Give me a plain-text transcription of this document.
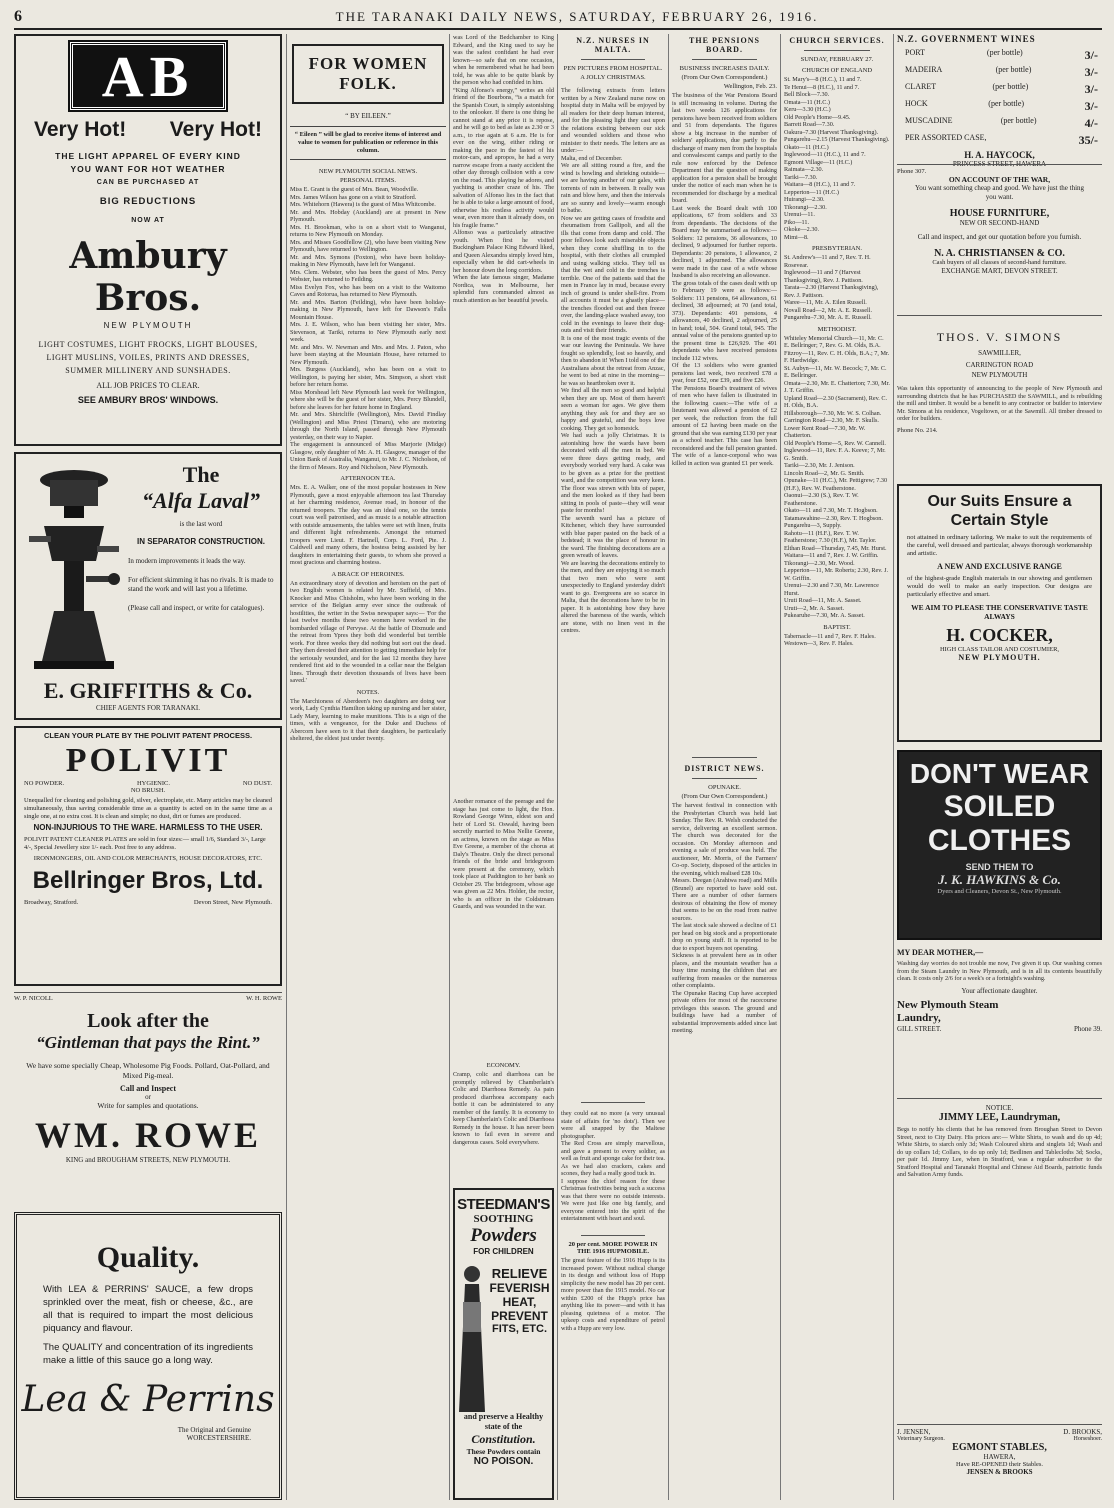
6	THE TARANAKI DAILY NEWS, SATURDAY, FEBRUARY 26, 1916.
AB
Very Hot! Very Hot!
THE LIGHT APPAREL OF EVERY KIND
YOU WANT FOR HOT WEATHER
CAN BE PURCHASED AT
BIG REDUCTIONS
NOW AT
Ambury Bros.
NEW PLYMOUTH
LIGHT COSTUMES, LIGHT FROCKS, LIGHT BLOUSES, LIGHT MUSLINS, VOILES, PRINTS AND DRESSES, SUMMER MILLINERY AND SUNSHADES.
ALL JOB PRICES TO CLEAR.
SEE AMBURY BROS' WINDOWS.
The
“Alfa Laval”
is the last word
IN SEPARATOR CONSTRUCTION.
In modern improvements it leads the way.
For efficient skimming it has no rivals. It is made to stand the work and will last you a lifetime.
(Please call and inspect, or write for catalogues).
E. GRIFFITHS & Co.
CHIEF AGENTS FOR TARANAKI.
CLEAN YOUR PLATE BY THE POLIVIT PATENT PROCESS.
POLIVIT
NO POWDER.	HYGIENIC.	NO DUST.
NO BRUSH.
Unequalled for cleaning and polishing gold, silver, electroplate, etc. Many articles may be cleaned simultaneously, thus saving considerable time as a quantity is acted on in the same time as a single one, at no extra cost. It is clean and simple; no dust, dirt or fumes are produced.
NON-INJURIOUS TO THE WARE. HARMLESS TO THE USER.
POLIVIT PATENT CLEANER PLATES are sold in four sizes:— small 1/6, Standard 3/-, Large 4/-, Special Jewellery size 1/- each. Post free to any address.
IRONMONGERS, OIL AND COLOR MERCHANTS, HOUSE DECORATORS, ETC.
Bellringer Bros, Ltd.
Broadway, Stratford.	Devon Street, New Plymouth.
W. P. NICOLL	W. H. ROWE
Look after the
“Gintleman that pays the Rint.”
We have some specially Cheap, Wholesome Pig Foods. Pollard, Oat-Pollard, and Mixed Pig-meal.
Call and Inspect
or
Write for samples and quotations.
WM. ROWE
KING and BROUGHAM STREETS, NEW PLYMOUTH.
Quality.
With LEA & PERRINS' SAUCE, a few drops sprinkled over the meat, fish or cheese, &c., are all that is required to impart the most delicious piquancy and flavour.
The QUALITY and concentration of its ingredients make a little of this sauce go a long way.
Lea & Perrins
The Original and Genuine WORCESTERSHIRE.
FOR WOMEN FOLK.
“ BY EILEEN.”
“ Eileen ” will be glad to receive items of interest and value to women for publication or reference in this column.
NEW PLYMOUTH SOCIAL NEWS.
PERSONAL ITEMS.

Miss E. Grant is the guest of Mrs. Bean, Woodville.
Mrs. James Wilson has gone on a visit to Stratford.
Mrs. Whitehorn (Hawera) is the guest of Miss Whitcombe.
Mr. and Mrs. Hobday (Auckland) are at present in New Plymouth.
Mrs. H. Brookman, who is on a short visit to Wanganui, returns to New Plymouth on Monday.
Mrs. and Misses Goodfellow (2), who have been visiting New Plymouth, have returned to Wellington.
Mr. and Mrs. Symons (Foxton), who have been holiday-making in New Plymouth, have left for Wanganui.
Mrs. Clem. Webster, who has been the guest of Mrs. Percy Webster, has returned to Feilding.
Miss Evelyn Fox, who has been on a visit to the Waitomo Caves and Rotorua, has returned to New Plymouth.
Mr. and Mrs. Barton (Feilding), who have been holiday-making in New Plymouth, have left for Dawson's Falls Mountain House.
Mrs. J. E. Wilson, who has been visiting her sister, Mrs. Stevenson, at Tariki, returns to New Plymouth early next week.
Mr. and Mrs. W. Newman and Mrs. and Mrs. J. Paton, who have been staying at the Mountain House, have returned to New Plymouth.
Mrs. Burgess (Auckland), who has been on a visit to Wellington, is paying her sister, Mrs. Simpson, a short visit before her return home.
Miss Morshead left New Plymouth last week for Wellington, where she will be the guest of her sister, Mrs. Percy Blundell, before she leaves for her future home in England.
Mr. and Mrs. Shirtcliffe (Wellington), Mrs. David Findlay (Wellington) and Miss Priest (Timaru), who are motoring through the North Island, passed through New Plymouth yesterday, on their way to Napier.
The engagement is announced of Miss Marjorie (Midge) Glasgow, only daughter of Mr. A. H. Glasgow, manager of the Union Bank of Australia, Wanganui, to Mr. J. C. Nicholson, of the firm of Messrs. Roy and Nicholson, New Plymouth.

AFTERNOON TEA.

Mrs. E. A. Walker, one of the most popular hostesses in New Plymouth, gave a most enjoyable afternoon tea last Thursday at her charming residence, Avenue road, in honour of the returned troopers. The day was an ideal one, so the tennis court was well patronised, and as music is a notable attraction with outside amusements, the tables were set with linen, fruits and different light refreshments. Amongst the returned troopers were Lieut. F. Hartnell, Corp. L. Ford, Pte. J. Caldwell and many others, the hostess being assisted by her daughters in entertaining their guests, to whom she proved a most gracious and charming hostess.

A BRACE OF HEROINES.

An extraordinary story of devotion and heroism on the part of two English women is related by Mr. Suffield, of Mrs. Knocker and Miss Chisholm, who have been working in the service of the Belgian army ever since the outbreak of hostilities, the writer in the Swiss newspaper says:— 'For the last twelve months these two women have worked in the bombarded village of Pervyse. At the battle of Dixmude and the retreat from Ypres they both did wonderful but terrible work. For three weeks they did nothing but sort out the dead. They then devoted their attention to getting immediate help for the seriously wounded, and for the last 12 months they have rendered first aid to the wounded in a cellar near the Belgian lines. Through their devotion thousands of lives have been saved.'

NOTES.

The Marchioness of Aberdeen's two daughters are doing war work, Lady Cynthia Hamilton taking up nursing and her sister, Lady Mary, learning to make munitions. This is a sign of the times, with a vengeance, for the Duke and Duchess of Abercorn have seen to it that their daughters, be particularly sheltered, the eldest just under twenty.

was Lord of the Bedchamber to King Edward, and the King used to say he was the safest confidant he had ever known—so safe that on one occasion, when he remembered what he had been told, he was able to be quite blank by the person who had confided in him.
“King Alfonso's energy,” writes an old friend of the Bourbons, “is a match for the Spanish Court, is simply astonishing to the onlooker. If there is one thing he cannot stand at any price it is repose, and he will go to bed as late as 2.30 or 3 a.m., to rise again at 6 a.m. He is for ever on the wing, either riding or making the pace in the fastest of his motor-cars, and apropos, he had a very narrow escape from a nasty accident the other day through collision with a cow on the road. This playing he adores, and yachting is another craze of his. The salvation of Alfonso lies in the fact that he is able to take a large amount of food, otherwise his restless activity would wear, even more than it already does, on his fragile frame.”
Alfonso was a particularly attractive youth. When first he visited Buckingham Palace King Edward liked, and Queen Alexandra simply loved him, especially when he did cart-wheels in her honour down the long corridors.
When the late famous singer, Madame Nordica, was in Melbourne, her splendid furs commanded almost as much attention as her beautiful jewels.

Another romance of the peerage and the stage has just come to light, the Hon. Rowland George Winn, eldest son and heir of Lord St. Oswald, having been secretly married to Miss Nellie Greene, an actress, known on the stage as Miss Eve Greene, a member of the chorus at Daly's Theatre. Only the direct personal friends of the bride and bridegroom were present at the ceremony, which took place at Paddington to her bank so October 29. The bridegroom, whose age was given as 22 Mrs. Holder, the rector, who is an officer in the Coldstream Guards, and was wounded in the war.

ECONOMY.

Cramp, colic and diarrhoea can be promptly relieved by Chamberlain's Colic and Diarrhoea Remedy. As pain produced diarrhoea accompany each bottle it can be administered to any member of the family. It is economy to keep Chamberlain's Colic and Diarrhoea Remedy in the house. It has never been known to fail even in severe and dangerous cases. Sold everywhere.

STEEDMAN'S
SOOTHING
Powders
FOR CHILDREN
RELIEVE
FEVERISH
HEAT,
PREVENT
FITS, ETC.
and preserve a Healthy state of the
Constitution.
These Powders contain
NO POISON.
N.Z. NURSES IN MALTA.
PEN PICTURES FROM HOSPITAL.
A JOLLY CHRISTMAS.

The following extracts from letters written by a New Zealand nurse now on hospital duty in Malta will be enjoyed by all readers for their deep human interest, and for the pleasing light they cast upon the relations existing between our sick and wounded soldiers and those who minister to their needs. The letters are as under:—
Malta, end of December.
We are all sitting round a fire, and the wind is howling and shrieking outside—we are having another of our gales, with torrents of rain in between. It really was rain and blow here, and then the intervals are so sunny and lovely—warm enough to bathe.
Now we are getting cases of frostbite and rheumatism from Gallipoli, and all the ills that come from damp and cold. The poor fellows look such miserable objects when they come shuffling in to the hospital, with their clothes all crumpled and using walking sticks. They tell us that the wet and cold in the trenches is terrible. One of the patients said that the men in France lay in mud, because every inch of ground is under shell-fire. From all accounts it must be a ghastly place—the trenches flooded out and then freeze over, the landing-place washed away, too cold in the evenings to leave their dug-outs and visit their friends.
It is one of the most tragic events of the war our leaving the Peninsula. We have fought so splendidly, lost so heavily, and then to abandon it! When I told one of the Australians about the retreat from Anzac, he went to bed at nine in the morning—he was so heartbroken over it.
We find all the men so good and helpful when they are up. Most of them haven't seen a woman for ages. We give them anything they ask for and they are so happy and grateful, and the boys love cooking. They get so homesick.
We had such a jolly Christmas. It is astonishing how the wards have been decorated with all the men in bed. We were three days getting ready, and everybody worked very hard. A cake was to be given as a prize for the prettiest ward, and the competition was very keen. The floor was strewn with bits of paper, and the men looked as if they had been sitting in pools of paste—they will wear paste for months!
The seventh ward has a picture of Kitchener, which they have surrounded with blue paper pasted on the back of a bedstead; it was the place of honour in the ward. The finishing decorations are a green wreath of leaves.
We are leaving the decorations entirely to the men, and they are enjoying it so much that two men who were sent unexpectedly to England yesterday didn't want to go. Evergreens are so scarce in Malta, that the decorations have to be in paper. It is astonishing how they have altered the bareness of the wards, which are stone, with no linen vest in the centres.

they could eat no more (a very unusual state of affairs for 'no dots'). Then we were all snapped by the Maltese photographer.
The Red Cross are simply marvellous, and gave a present to every soldier, as well as fruit and sponge cake for their tea. As we had also crackers, cakes and scones, they had a really good tuck in.
I suppose the chief reason for these Christmas festivities being such a success was that there were no outside interests. We were just like one big family, and everyone entered into the spirit of the entertainment with heart and soul.

20 per cent. MORE POWER IN THE 1916 HUPMOBILE.

The great feature of the 1916 Hupp is its increased power. Without radical change in its design and without loss of Hupp simplicity the new model has 20 per cent. more power than the 1915 model. No car within £200 of the Hupp's price has anything like its power—and with it has pleasing quietness of a motor. The upkeep costs and expenditure of petrol with a Hupp are very low.

THE PENSIONS BOARD.
BUSINESS INCREASES DAILY.
(From Our Own Correspondent.)
Wellington, Feb. 23.

The business of the War Pensions Board is still increasing in volume. During the last two weeks 126 applications for pensions have been received from soldiers and 51 from dependants. The figures show a big increase in the number of soldiers' applications, due partly to the discharge of many men from the hospitals and convalescent camps and partly to the rule now enforced by the Defence Department that the question of making application for a pension shall be brought under the notice of each man when he is recommended for discharge by a medical board.
Last week the Board dealt with 100 applications, 67 from soldiers and 33 from dependants. The decisions of the Board may be summarised as follows:— Soldiers: 12 pensions, 36 allowances, 10 declined, 9 adjourned for further reports. Dependants: 20 pensions, 1 allowance, 2 declined, 1 adjourned. The allowances were made in the case of a wife whose husband is also receiving an allowance.
The gross totals of the cases dealt with up to February 19 were as follows:—Soldiers: 111 pensions, 64 allowances, 61 declined, 38 adjourned; at 70 (and total, 373). Dependants: 491 pensions, 4 allowances, 40 declined, 2 adjourned, 25 in hand; total, 504. Grand total, 945. The annual value of the pensions granted up to the present time is £26,929. The 491 dependants who have received pensions include 112 wives.
Of the 13 soldiers who were granted pensions last week, two received £78 a year, four £52, one £39, and five £26.
The Pensions Board's treatment of wives of men who have fallen is illustrated in the following cases:—The wife of a lieutenant was allowed a pension of £2 per week, the reduction from the full amount of £2 having been made on the ground that she was earning £130 per year as a school teacher. This case has been reconsidered and the full pension granted. The wife of a lance-corporal who was killed in action was granted £1 per week.

DISTRICT NEWS.
OPUNAKE.
(From Our Own Correspondent.)

The harvest festival in connection with the Presbyterian Church was held last Sunday. The Rev. R. Welsh conducted the service, delivering an excellent sermon. The church was decorated for the occasion. On Monday afternoon and evening a sale of produce was held. The auctioneer, Mr. Morris, of the Farmers' Co-op. Society, disposed of the articles in the evening, which realised £28 10s.
Messrs. Deegan (Arahiwa road) and Mills (Brunel) are reported to have sold out. There are a number of other farmers desirous of obtaining the flow of money that seems to be on the road from native sources.
The last stock sale showed a decline of £1 per head on big stock and a proportionate drop on young stuff. It is reported to be due to export buyers not operating.
Sickness is at prevalent here as in other places, and the mountain weather has a busy time nursing the children that are suffering from measles or the numerous other complaints.
The Opunake Racing Cup have accepted private offers for most of the racecourse privileges this season. The ground and buildings have had a number of substantial improvements added since last meeting.

CHURCH SERVICES.
SUNDAY, FEBRUARY 27.
CHURCH OF ENGLAND

St. Mary's—8 (H.C.), 11 and 7.
Te Henui—8 (H.C.), 11 and 7.
Bell Block—7.30.
Omata—11 (H.C.)
Keru—3.30 (H.C.)
Old People's Home—9.45.
Barrett Road—7.30.
Oakura–7.30 (Harvest Thanksgiving).
Pungarehu—2.15 (Harvest Thanksgiving).
Okato—11 (H.C.)
Inglewood—11 (H.C.), 11 and 7.
Egmont Village—11 (H.C.)
Raimata—2.30.
Tariki—7.30.
Waitara—8 (H.C.), 11 and 7.
Lepperton—11 (H.C.)
Huirangi—2.30.
Tikorangi—2.30.
Urenui—11.
Piko—11.
Okoke—2.30.
Mimi—8.

PRESBYTERIAN.

St. Andrew's—11 and 7, Rev. T. H. Rosevear.
Inglewood—11 and 7 (Harvest Thanksgiving), Rev. J. Pattison.
Tarata—2.30 (Harvest Thanksgiving), Rev. J. Pattison.
Waree—11, Mr. A. Eilen Russell.
Novall Road—2, Mr. A. E. Russell.
Pungarehu–7.30, Mr. A. E. Russell.

METHODIST.

Whiteley Memorial Church—11, Mr. C. E. Bellringer; 7, Rev. G. M. Olds, B.A.
Fitzroy—11, Rev. C. H. Olds, B.A.; 7, Mr. F. Hardwidge.
St. Aubyn—11, Mr. W. Becock; 7, Mr. C. E. Bellringer.
Omata—2.30, Mr. E. Chatterton; 7.30, Mr. J. T. Griffin.
Upland Road—2.30 (Sacrament), Rev. C. H. Olds, B.A.
Hillsborough—7.30, Mr. W. S. Colhan.
Carrington Road—2.30, Mr. F. Skulls.
Lower Kent Road—7.30, Mr. W. Chatterton.
Old People's Home—5, Rev. W. Cannell.
Inglewood—11, Rev. F. A. Keeve; 7, Mr. G. Smith.
Tariki—2.30, Mr. J. Jenison.
Lincoln Road—2, Mr. G. Smith.
Opunake—11 (H.C.), Mr. Pettigrew; 7.30 (H.F.), Rev. W. Featherstone.
Oaonui—2.30 (S.), Rev. T. W. Featherstone.
Okato—11 and 7.30, Mr. T. Hogbson.
Tatamawahine—2.30, Rev. T. Hogbson.
Pungarehu—3, Supply.
Rahotu—11 (H.F.), Rev. T. W. Featherstone; 7.30 (H.F.), Mr. Taylor.
Elthan Road—Thursday, 7.45, Mr. Hurst.
Waitara—11 and 7, Rev. J. W. Griffin.
Tikorangi—2.30, Mr. Wood.
Lepperton—11, Mr. Roberts; 2.30, Rev. J. W. Griffin.
Urenui—2.30 and 7.30, Mr. Lawrence Hurst.
Uruti Road—11, Mr. A. Sasset.
Uruti—2, Mr. A. Sasset.
Pukearuhe—7.30, Mr. A. Sasset.

BAPTIST.

Tabernacle—11 and 7, Rev. F. Hales.
Westown—3, Rev. F. Hales.

N.Z. GOVERNMENT WINES
PORT	(per bottle)	3/-
MADEIRA	(per bottle)	3/-
CLARET	(per bottle)	3/-
HOCK	(per bottle)	3/-
MUSCADINE	(per bottle)	4/-
PER ASSORTED CASE,	35/-
H. A. HAYCOCK,
PRINCESS STREET, HAWERA
Phone 307.
ON ACCOUNT OF THE WAR,
You want something cheap and good. We have just the thing you want.
HOUSE FURNITURE,
NEW OR SECOND-HAND
Call and inspect, and get our quotation before you furnish.
N. A. CHRISTIANSEN & CO.
Cash buyers of all classes of second-hand furniture.
EXCHANGE MART, DEVON STREET.
THOS. V. SIMONS
SAWMILLER,
CARRINGTON ROAD
NEW PLYMOUTH

Was taken this opportunity of announcing to the people of New Plymouth and surrounding districts that he has PURCHASED the SAWMILL, and is rebuilding the mill and timber. It would be a benefit to any contractor or builder to interview Mr. Simons at his residence, Vogeltown, or at the Sawmill. All timber dressed to order for builders.

Phone No. 214.
Our Suits Ensure a Certain Style
not attained in ordinary tailoring. We make to suit the requirements of the careful, well dressed and particular, always thorough workmanship and artistic.
A NEW AND EXCLUSIVE RANGE
of the highest-grade English materials in our showing and gentlemen would do well to make an early inspection. Our designs are particularly effective and smart.
WE AIM TO PLEASE THE CONSERVATIVE TASTE ALWAYS
H. COCKER,
HIGH CLASS TAILOR AND COSTUMIER,
NEW PLYMOUTH.
DON'T WEAR
SOILED
CLOTHES
SEND THEM TO
J. K. HAWKINS & Co.
Dyers and Cleaners, Devon St., New Plymouth.
MY DEAR MOTHER,—

Washing day worries do not trouble me now, I've given it up. Our washing comes from the Steam Laundry in New Plymouth, and is in all its contents beautifully clean. It costs only 2/6 for a week's or a fortnight's washing.

Your affectionate daughter.
New Plymouth Steam Laundry,
GILL STREET.	Phone 39.
NOTICE.
JIMMY LEE, Laundryman,

Begs to notify his clients that he has removed from Broughan Street to Devon Street, next to City Dairy. His prices are:— White Shirts, to wash and do up 4d; White Shirts, to starch only 3d; Wash Coloured shirts and singlets 1d; Wash and do up collars 1d; Collars, to do up only 1d; Bedlinen and Tablecloths 3d; Socks, per pair 1d. Jimmy Lee, when in Stratford, was a regular subscriber to the Stratford Hospital and Taranaki Hospital and Chinese Aid Boards, patriotic funds and Salvation Army funds.

J. JENSEN,	D. BROOKS,
Veterinary Surgeon.	Horseshoer.
EGMONT STABLES,
HAWERA,
Have RE-OPENED their Stables.
JENSEN & BROOKS
